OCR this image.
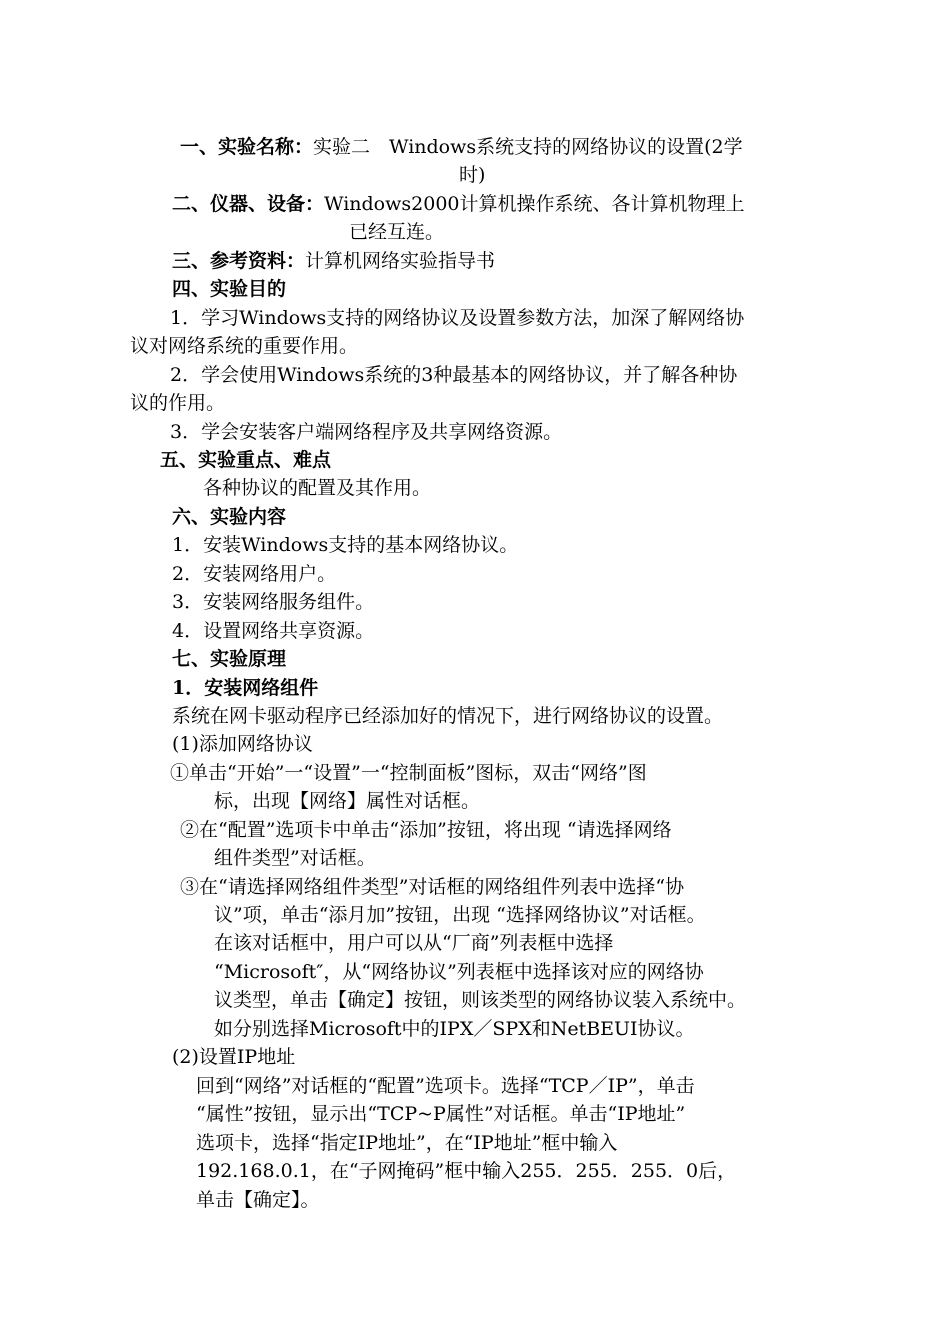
一、实验名称：实验二　Windows系统支持的网络协议的设置(2学
时)
二、仪器、设备：Windows2000计算机操作系统、各计算机物理上
已经互连。
三、参考资料：计算机网络实验指导书
四、实验目的
1．学习Windows支持的网络协议及设置参数方法，加深了解网络协
议对网络系统的重要作用。
2．学会使用Windows系统的3种最基本的网络协议，并了解各种协
议的作用。
3．学会安装客户端网络程序及共享网络资源。
五、实验重点、难点
各种协议的配置及其作用。
六、实验内容
1．安装Windows支持的基本网络协议。
2．安装网络用户。
3．安装网络服务组件。
4．设置网络共享资源。
七、实验原理
1．安装网络组件
系统在网卡驱动程序已经添加好的情况下，进行网络协议的设置。
(1)添加网络协议
①单击“开始”一“设置”一“控制面板”图标，双击“网络”图
标，出现【网络】属性对话框。
②在“配置”选项卡中单击“添加”按钮，将出现 “请选择网络
组件类型”对话框。
③在“请选择网络组件类型”对话框的网络组件列表中选择“协
议”项，单击“添月加”按钮，出现 “选择网络协议”对话框。
在该对话框中，用户可以从“厂商”列表框中选择
“Microsoft″，从“网络协议”列表框中选择该对应的网络协
议类型，单击【确定】按钮，则该类型的网络协议装入系统中。
如分别选择Microsoft中的IPX／SPX和NetBEUI协议。
(2)设置IP地址
回到“网络”对话框的“配置”选项卡。选择“TCP／IP”，单击
“属性”按钮，显示出“TCP~P属性”对话框。单击“IP地址”
选项卡，选择“指定IP地址”，在“IP地址”框中输入
192.168.0.1，在“子网掩码”框中输入255．255．255．0后，
单击【确定】。
